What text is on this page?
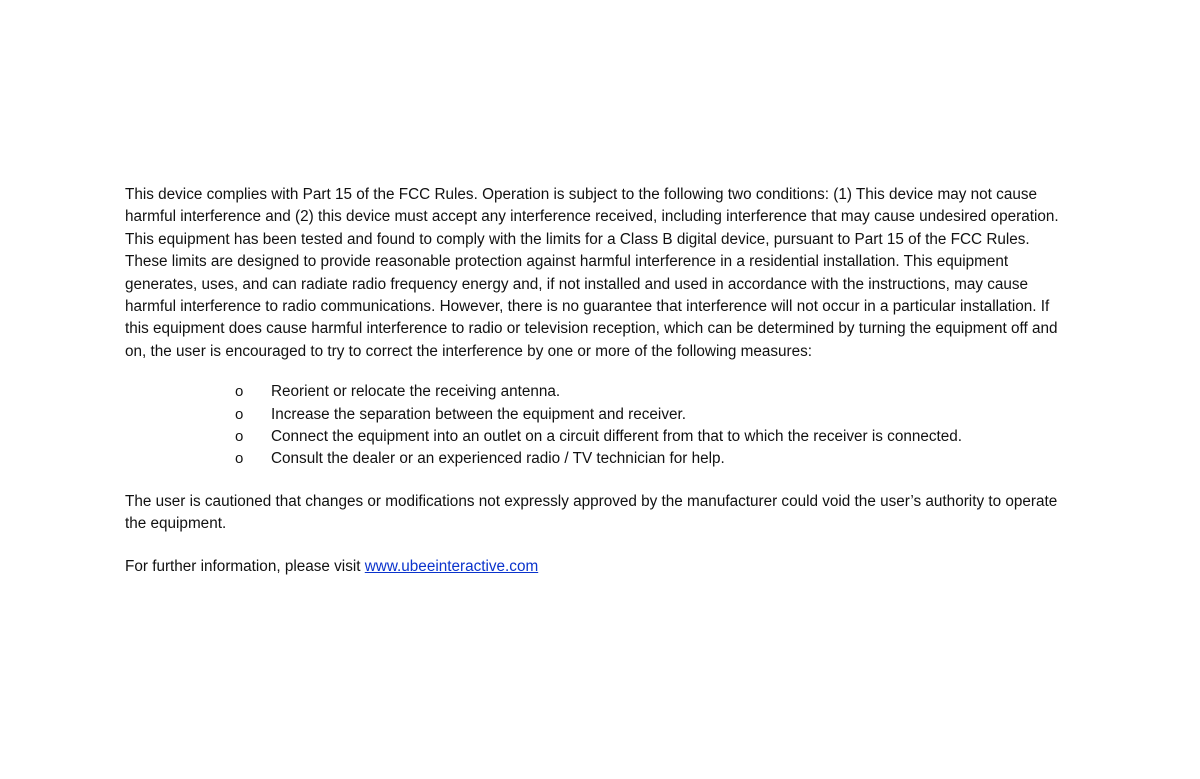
This device complies with Part 15 of the FCC Rules. Operation is subject to the following two conditions: (1) This device may not cause harmful interference and (2) this device must accept any interference received, including interference that may cause undesired operation. This equipment has been tested and found to comply with the limits for a Class B digital device, pursuant to Part 15 of the FCC Rules. These limits are designed to provide reasonable protection against harmful interference in a residential installation. This equipment generates, uses, and can radiate radio frequency energy and, if not installed and used in accordance with the instructions, may cause harmful interference to radio communications. However, there is no guarantee that interference will not occur in a particular installation. If this equipment does cause harmful interference to radio or television reception, which can be determined by turning the equipment off and on, the user is encouraged to try to correct the interference by one or more of the following measures:

o Reorient or relocate the receiving antenna.
o Increase the separation between the equipment and receiver.
o Connect the equipment into an outlet on a circuit different from that to which the receiver is connected.
o Consult the dealer or an experienced radio / TV technician for help.

The user is cautioned that changes or modifications not expressly approved by the manufacturer could void the user’s authority to operate the equipment.

For further information, please visit www.ubeeinteractive.com
